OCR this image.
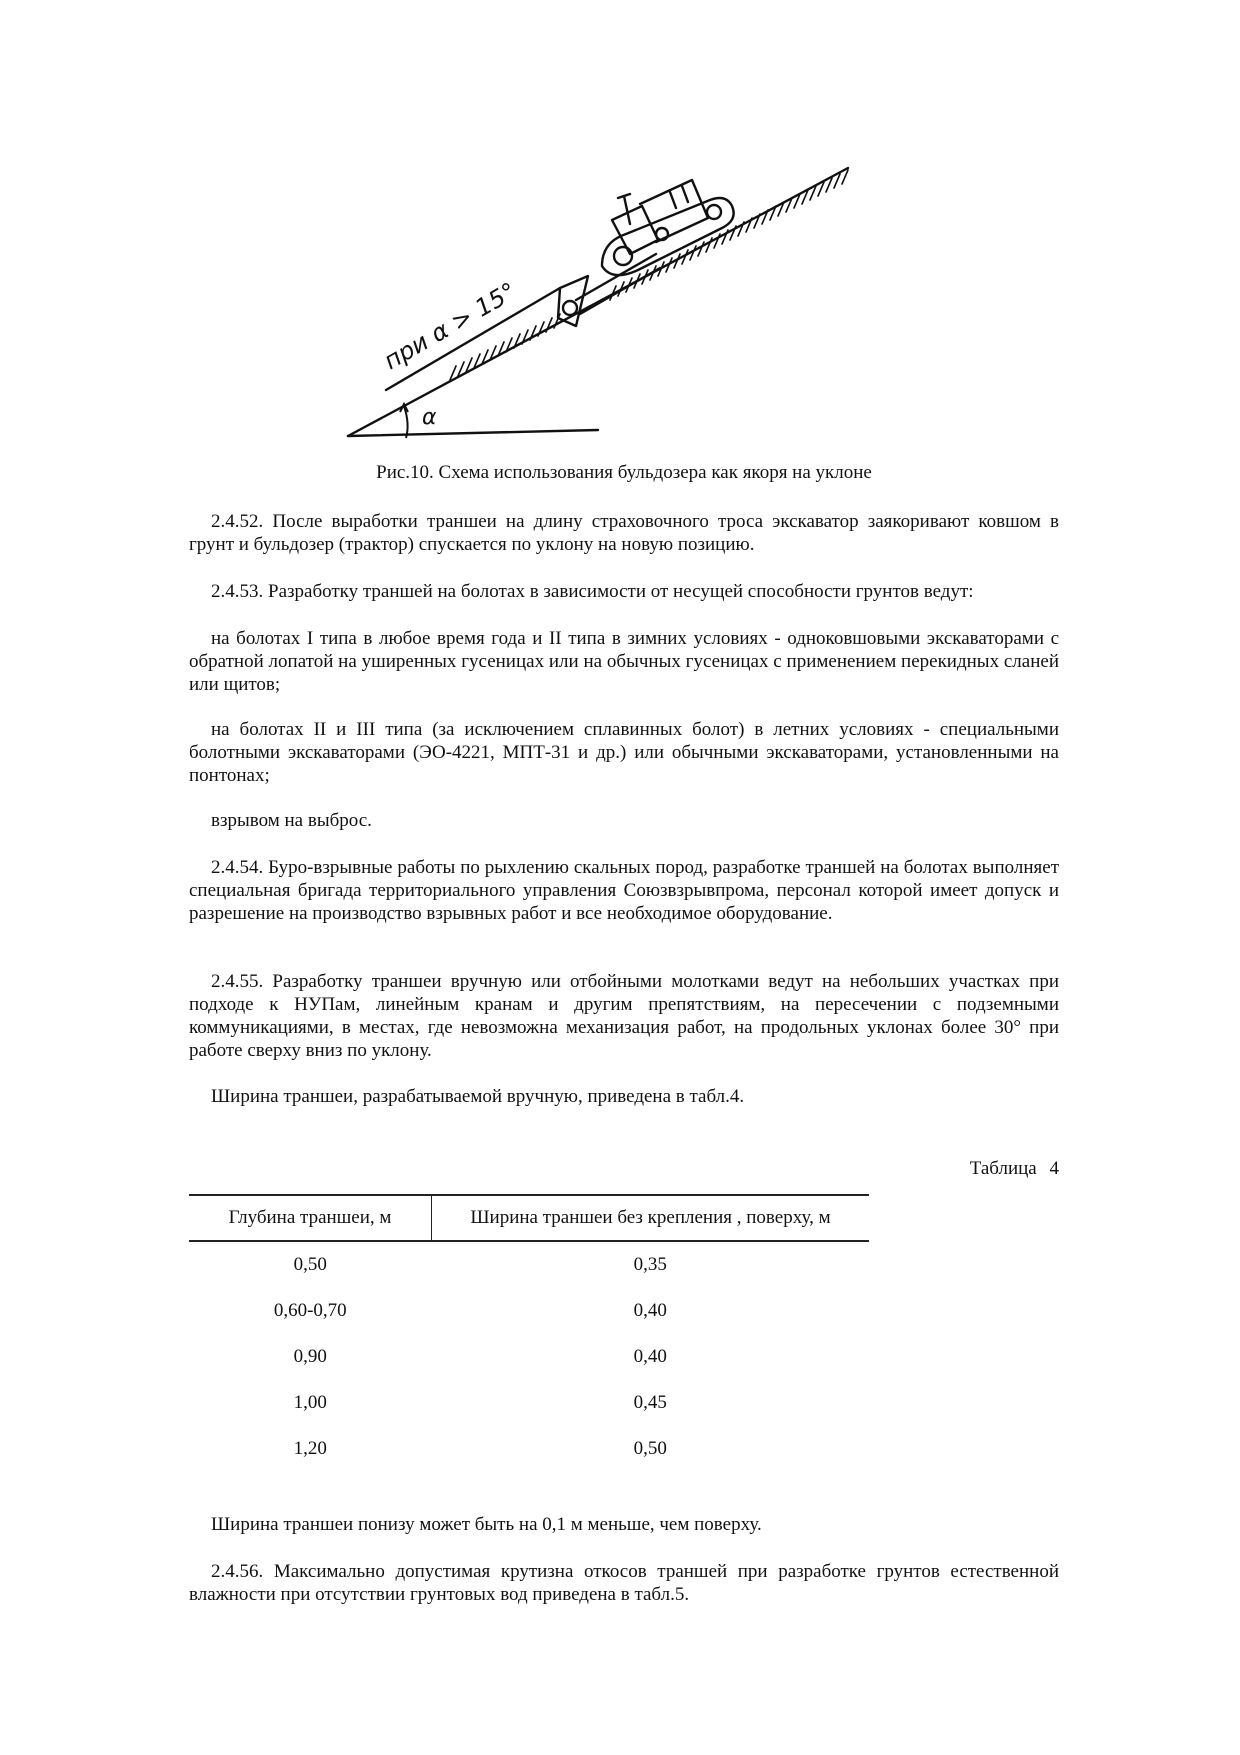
α
при α > 15°
Рис.10. Схема использования бульдозера как якоря на уклоне

2.4.52. После выработки траншеи на длину страховочного троса экскаватор заякоривают ковшом в грунт и бульдозер (трактор) спускается по уклону на новую позицию.

2.4.53. Разработку траншей на болотах в зависимости от несущей способности грунтов ведут:

на болотах I типа в любое время года и II типа в зимних условиях - одноковшовыми экскаваторами с обратной лопатой на уширенных гусеницах или на обычных гусеницах с применением перекидных сланей или щитов;

на болотах II и III типа (за исключением сплавинных болот) в летних условиях - специальными болотными экскаваторами (ЭО-4221, МПТ-31 и др.) или обычными экскаваторами, установленными на понтонах;

взрывом на выброс.

2.4.54. Буро-взрывные работы по рыхлению скальных пород, разработке траншей на болотах выполняет специальная бригада территориального управления Союзвзрывпрома, персонал которой имеет допуск и разрешение на производство взрывных работ и все необходимое оборудование.

2.4.55. Разработку траншеи вручную или отбойными молотками ведут на небольших участках при подходе к НУПам, линейным кранам и другим препятствиям, на пересечении с подземными коммуникациями, в местах, где невозможна механизация работ, на продольных уклонах более 30° при работе сверху вниз по уклону.

Ширина траншеи, разрабатываемой вручную, приведена в табл.4.

Таблица 4
Глубина траншеи, м	Ширина траншеи без крепления , поверху, м
0,50	0,35
0,60-0,70	0,40
0,90	0,40
1,00	0,45
1,20	0,50

Ширина траншеи понизу может быть на 0,1 м меньше, чем поверху.

2.4.56. Максимально допустимая крутизна откосов траншей при разработке грунтов естественной влажности при отсутствии грунтовых вод приведена в табл.5.
